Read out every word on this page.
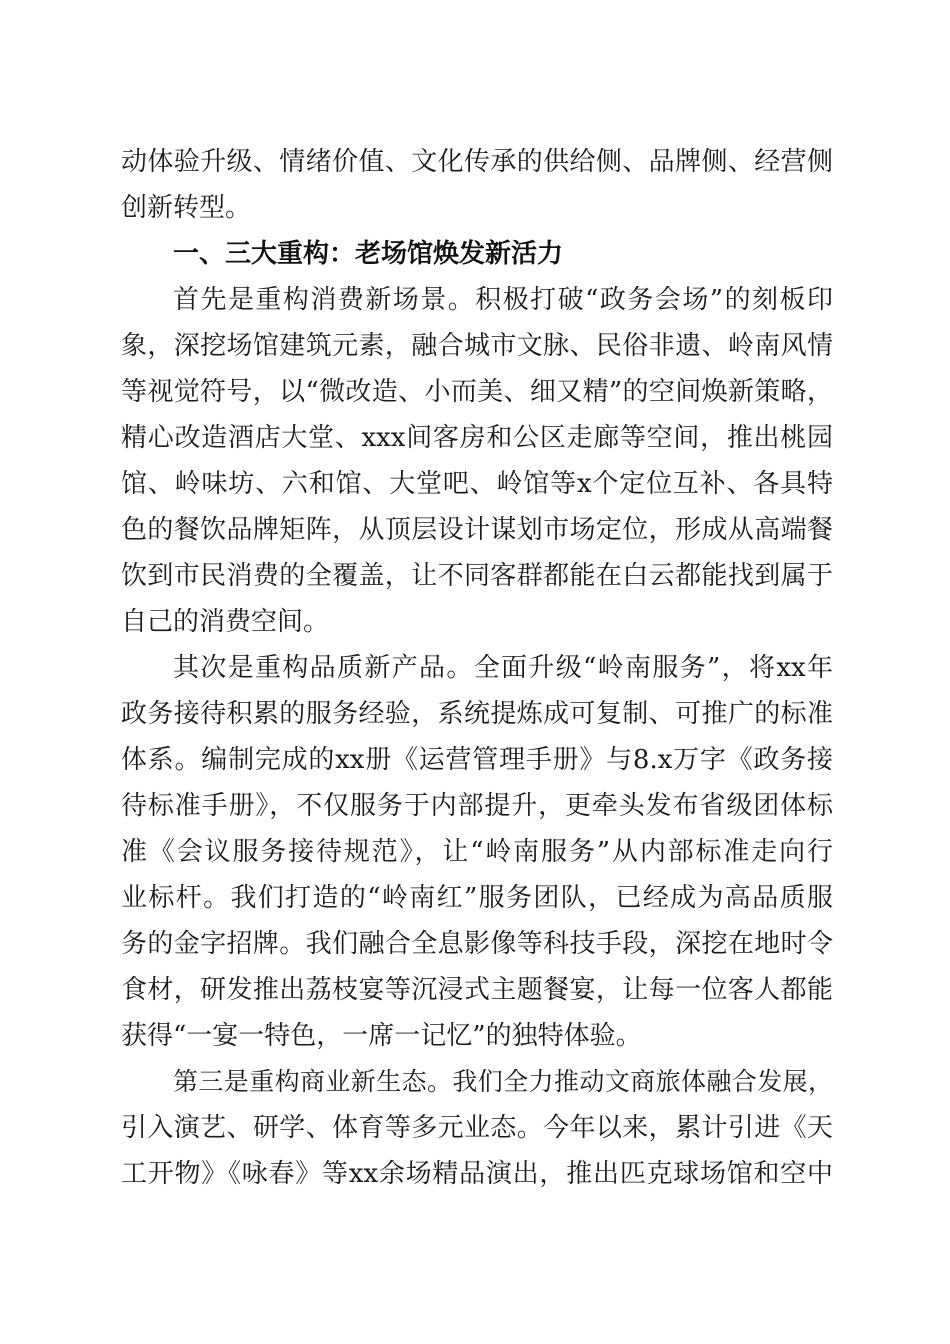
动体验升级、情绪价值、文化传承的供给侧、品牌侧、经营侧
创新转型。
一、三大重构：老场馆焕发新活力
首先是重构消费新场景。积极打破“政务会场”的刻板印
象，深挖场馆建筑元素，融合城市文脉、民俗非遗、岭南风情
等视觉符号，以“微改造、小而美、细又精”的空间焕新策略，
精心改造酒店大堂、xxx间客房和公区走廊等空间，推出桃园
馆、岭味坊、六和馆、大堂吧、岭馆等x个定位互补、各具特
色的餐饮品牌矩阵，从顶层设计谋划市场定位，形成从高端餐
饮到市民消费的全覆盖，让不同客群都能在白云都能找到属于
自己的消费空间。
其次是重构品质新产品。全面升级“岭南服务”，将xx年
政务接待积累的服务经验，系统提炼成可复制、可推广的标准
体系。编制完成的xx册《运营管理手册》与8.x万字《政务接
待标准手册》，不仅服务于内部提升，更牵头发布省级团体标
准《会议服务接待规范》，让“岭南服务”从内部标准走向行
业标杆。我们打造的“岭南红”服务团队，已经成为高品质服
务的金字招牌。我们融合全息影像等科技手段，深挖在地时令
食材，研发推出荔枝宴等沉浸式主题餐宴，让每一位客人都能
获得“一宴一特色，一席一记忆”的独特体验。
第三是重构商业新生态。我们全力推动文商旅体融合发展，
引入演艺、研学、体育等多元业态。今年以来，累计引进《天
工开物》《咏春》等xx余场精品演出，推出匹克球场馆和空中
